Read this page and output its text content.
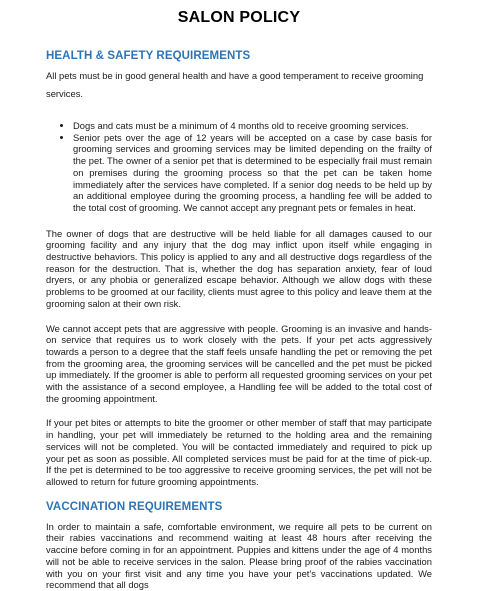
SALON POLICY
HEALTH & SAFETY REQUIREMENTS

All pets must be in good general health and have a good temperament to receive grooming services.

• Dogs and cats must be a minimum of 4 months old to receive grooming services.
• Senior pets over the age of 12 years will be accepted on a case by case basis for grooming services and grooming services may be limited depending on the frailty of the pet. The owner of a senior pet that is determined to be especially frail must remain on premises during the grooming process so that the pet can be taken home immediately after the services have completed. If a senior dog needs to be held up by an additional employee during the grooming process, a handling fee will be added to the total cost of grooming. We cannot accept any pregnant pets or females in heat.

The owner of dogs that are destructive will be held liable for all damages caused to our grooming facility and any injury that the dog may inflict upon itself while engaging in destructive behaviors. This policy is applied to any and all destructive dogs regardless of the reason for the destruction. That is, whether the dog has separation anxiety, fear of loud dryers, or any phobia or generalized escape behavior. Although we allow dogs with these problems to be groomed at our facility, clients must agree to this policy and leave them at the grooming salon at their own risk.

We cannot accept pets that are aggressive with people. Grooming is an invasive and hands-on service that requires us to work closely with the pets. If your pet acts aggressively towards a person to a degree that the staff feels unsafe handling the pet or removing the pet from the grooming area, the grooming services will be cancelled and the pet must be picked up immediately. If the groomer is able to perform all requested grooming services on your pet with the assistance of a second employee, a Handling fee will be added to the total cost of the grooming appointment.

If your pet bites or attempts to bite the groomer or other member of staff that may participate in handling, your pet will immediately be returned to the holding area and the remaining services will not be completed. You will be contacted immediately and required to pick up your pet as soon as possible. All completed services must be paid for at the time of pick-up. If the pet is determined to be too aggressive to receive grooming services, the pet will not be allowed to return for future grooming appointments.

VACCINATION REQUIREMENTS

In order to maintain a safe, comfortable environment, we require all pets to be current on their rabies vaccinations and recommend waiting at least 48 hours after receiving the vaccine before coming in for an appointment. Puppies and kittens under the age of 4 months will not be able to receive services in the salon. Please bring proof of the rabies vaccination with you on your first visit and any time you have your pet's vaccinations updated. We recommend that all dogs
